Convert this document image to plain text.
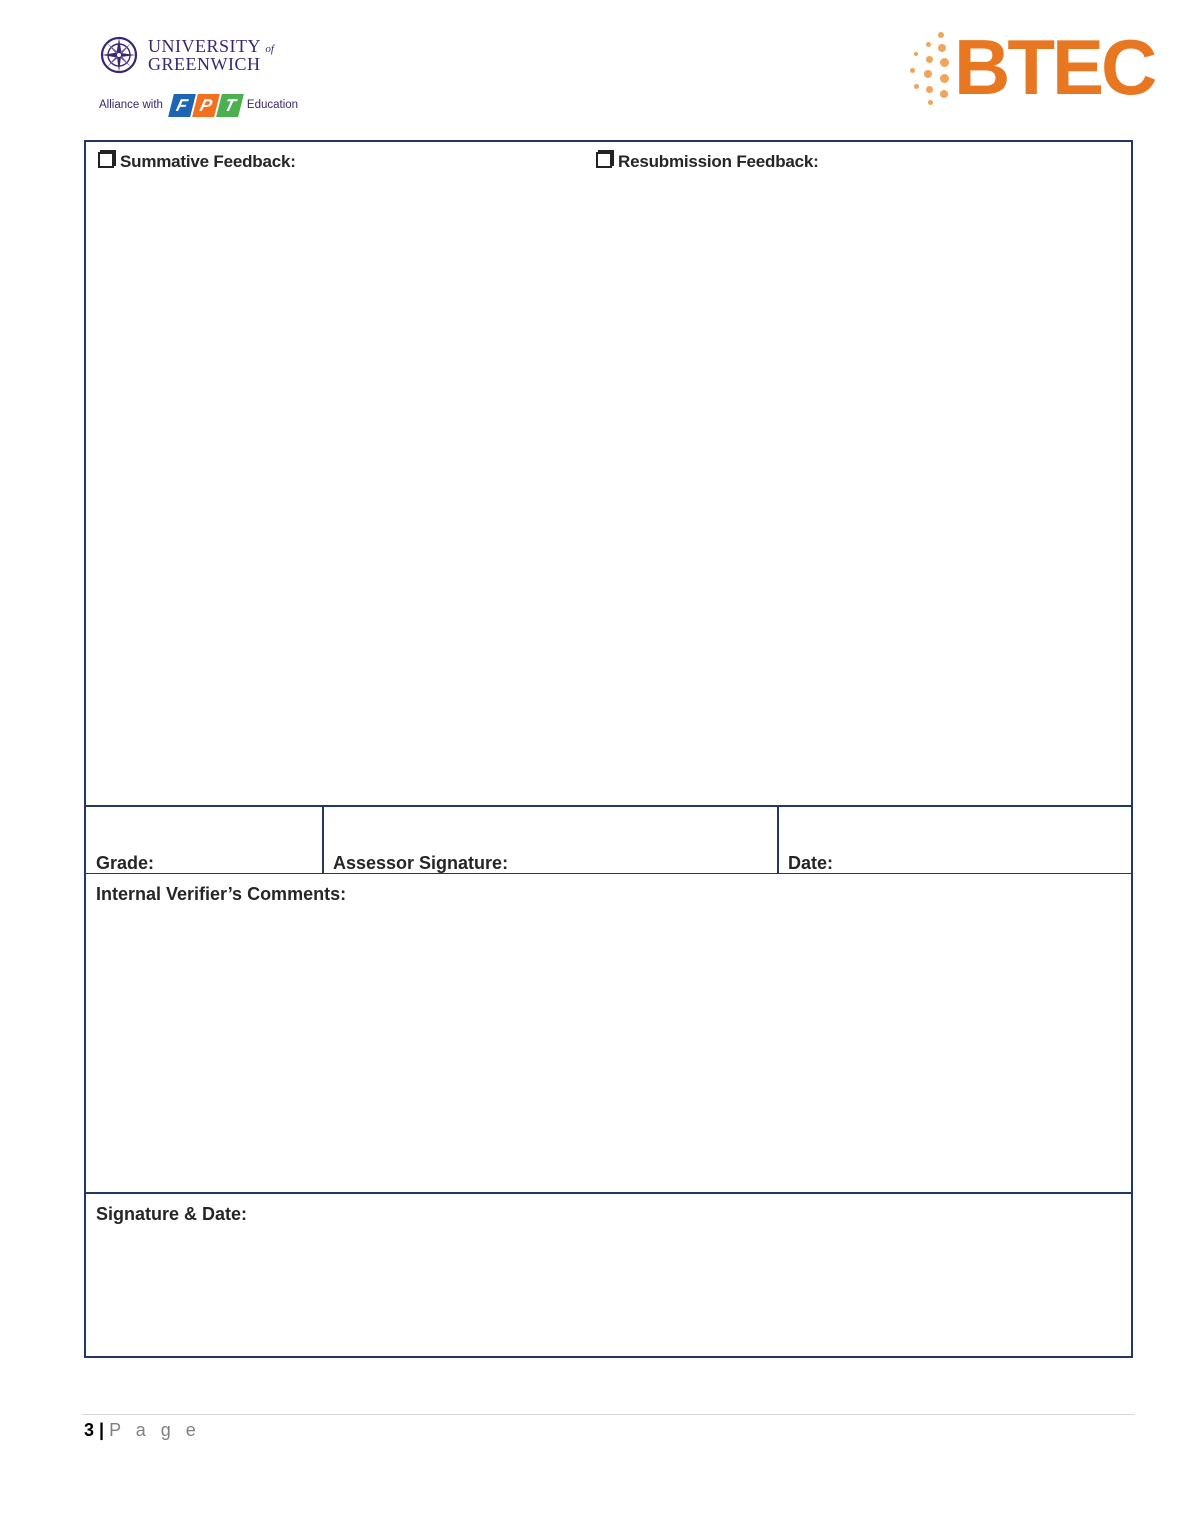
UNIVERSITY of
GREENWICH
Alliance with F P T Education	BTEC
Summative Feedback:	Resubmission Feedback:
Grade:	Assessor Signature:	Date:
Internal Verifier’s Comments:
Signature & Date:
3 | P a g e
